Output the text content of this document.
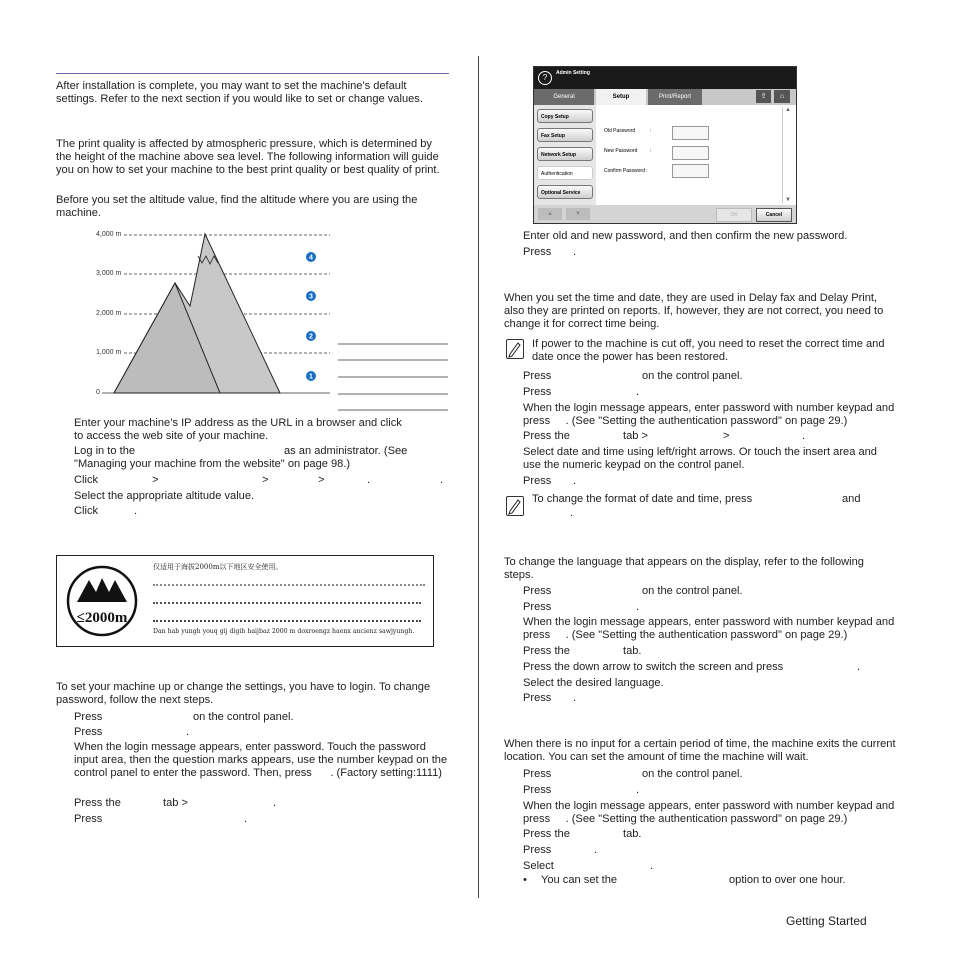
After installation is complete, you may want to set the machine's default settings. Refer to the next section if you would like to set or change values.
The print quality is affected by atmospheric pressure, which is determined by the height of the machine above sea level. The following information will guide you on how to set your machine to the best print quality or best quality of print.
Before you set the altitude value, find the altitude where you are using the machine.
4
3
2
1
4,000 m
3,000 m
2,000 m
1,000 m
0
Enter your machine’s IP address as the URL in a browser and click
to access the web site of your machine.
Log in to the	as an administrator. (See
"Managing your machine from the website" on page 98.)
Click	>	>	>	.	.
Select the appropriate altitude value.
Click	.
≤2000m
仅适用于海拔2000m以下地区安全使用。
Dan hab yungh youq gij digih haijbaz 2000 m doxroengz haenx ancienz sawjyungh.
To set your machine up or change the settings, you have to login. To change password, follow the next steps.
Press	on the control panel.
Press	.
When the login message appears, enter password. Touch the password input area, then the question marks appears, use the number keypad on the control panel to enter the password. Then, press . (Factory setting:1111)
Press the	tab >	.
Press	.
?	Admin Setting
General	Setup	Print/Report	⇪	⌂
Copy Setup
Fax Setup
Network Setup
Authentication
Optional Service
Old Password	:
New Password	:
Confirm Password :
▲
▼
▲	▼	OK	Cancel
Enter old and new password, and then confirm the new password.
Press .
When you set the time and date, they are used in Delay fax and Delay Print, also they are printed on reports. If, however, they are not correct, you need to change it for correct time being.
If power to the machine is cut off, you need to reset the correct time and date once the power has been restored.
Press	on the control panel.
Press	.
When the login message appears, enter password with number keypad and press . (See "Setting the authentication password" on page 29.)
Press the	tab >	>	.
Select date and time using left/right arrows. Or touch the insert area and use the numeric keypad on the control panel.
Press .
To change the format of date and time, press	and
.
To change the language that appears on the display, refer to the following steps.
Press	on the control panel.
Press	.
When the login message appears, enter password with number keypad and press . (See "Setting the authentication password" on page 29.)
Press the	tab.
Press the down arrow to switch the screen and press	.
Select the desired language.
Press .
When there is no input for a certain period of time, the machine exits the current location. You can set the amount of time the machine will wait.
Press	on the control panel.
Press	.
When the login message appears, enter password with number keypad and press . (See "Setting the authentication password" on page 29.)
Press the	tab.
Press	.
Select	.
• You can set the	option to over one hour.
Getting Started
